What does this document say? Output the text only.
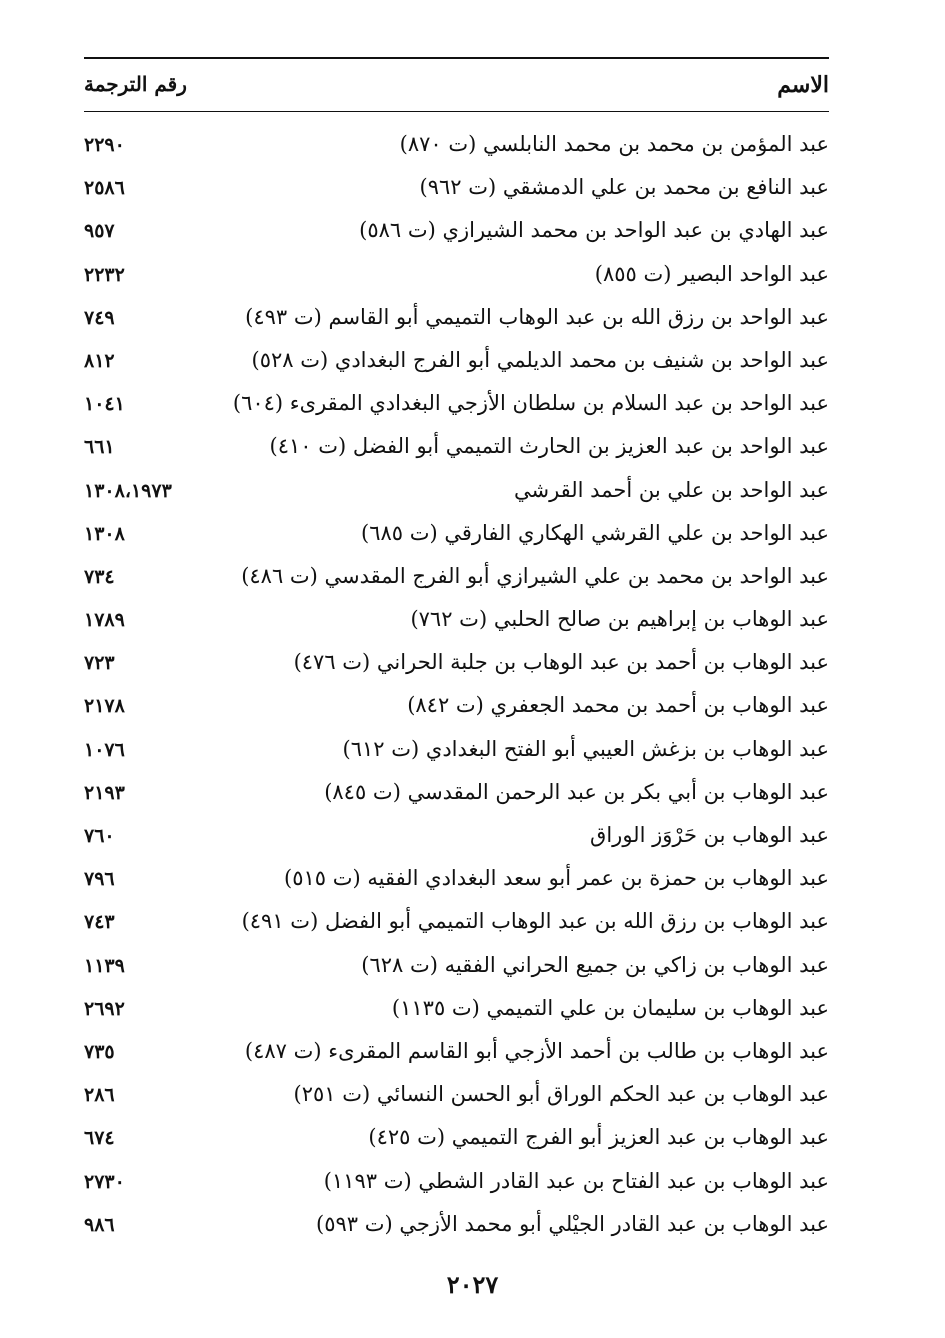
الاسم
رقم الترجمة
عبد المؤمن بن محمد بن محمد النابلسي (ت ٨٧٠)
٢٢٩٠
عبد النافع بن محمد بن علي الدمشقي (ت ٩٦٢)
٢٥٨٦
عبد الهادي بن عبد الواحد بن محمد الشيرازي (ت ٥٨٦)
٩٥٧
عبد الواحد البصير (ت ٨٥٥)
٢٢٣٢
عبد الواحد بن رزق الله بن عبد الوهاب التميمي أبو القاسم (ت ٤٩٣)
٧٤٩
عبد الواحد بن شنيف بن محمد الديلمي أبو الفرج البغدادي (ت ٥٢٨)
٨١٢
عبد الواحد بن عبد السلام بن سلطان الأزجي البغدادي المقرىء (٦٠٤)
١٠٤١
عبد الواحد بن عبد العزيز بن الحارث التميمي أبو الفضل (ت ٤١٠)
٦٦١
عبد الواحد بن علي بن أحمد القرشي
١٣٠٨،١٩٧٣
عبد الواحد بن علي القرشي الهكاري الفارقي (ت ٦٨٥)
١٣٠٨
عبد الواحد بن محمد بن علي الشيرازي أبو الفرج المقدسي (ت ٤٨٦)
٧٣٤
عبد الوهاب بن إبراهيم بن صالح الحلبي (ت ٧٦٢)
١٧٨٩
عبد الوهاب بن أحمد بن عبد الوهاب بن جلبة الحراني (ت ٤٧٦)
٧٢٣
عبد الوهاب بن أحمد بن محمد الجعفري (ت ٨٤٢)
٢١٧٨
عبد الوهاب بن بزغش العيبي أبو الفتح البغدادي (ت ٦١٢)
١٠٧٦
عبد الوهاب بن أبي بكر بن عبد الرحمن المقدسي (ت ٨٤٥)
٢١٩٣
عبد الوهاب بن حَرْوَز الوراق
٧٦٠
عبد الوهاب بن حمزة بن عمر أبو سعد البغدادي الفقيه (ت ٥١٥)
٧٩٦
عبد الوهاب بن رزق الله بن عبد الوهاب التميمي أبو الفضل (ت ٤٩١)
٧٤٣
عبد الوهاب بن زاكي بن جميع الحراني الفقيه (ت ٦٢٨)
١١٣٩
عبد الوهاب بن سليمان بن علي التميمي (ت ١١٣٥)
٢٦٩٢
عبد الوهاب بن طالب بن أحمد الأزجي أبو القاسم المقرىء (ت ٤٨٧)
٧٣٥
عبد الوهاب بن عبد الحكم الوراق أبو الحسن النسائي (ت ٢٥١)
٢٨٦
عبد الوهاب بن عبد العزيز أبو الفرج التميمي (ت ٤٢٥)
٦٧٤
عبد الوهاب بن عبد الفتاح بن عبد القادر الشطي (ت ١١٩٣)
٢٧٣٠
عبد الوهاب بن عبد القادر الجيْلي أبو محمد الأزجي (ت ٥٩٣)
٩٨٦
٢٠٢٧
